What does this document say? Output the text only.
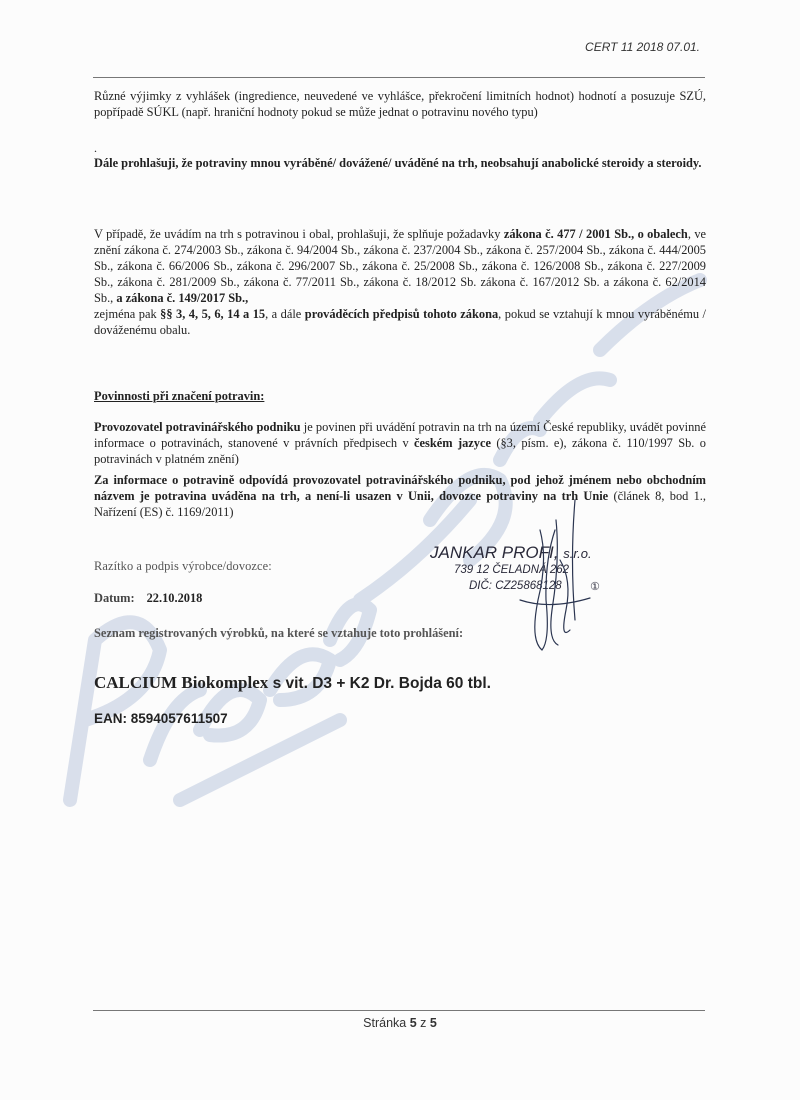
CERT 11 2018 07.01.
Různé výjimky z vyhlášek (ingredience, neuvedené ve vyhlášce, překročení limitních hodnot) hodnotí a posuzuje SZÚ, popřípadě SÚKL (např. hraniční hodnoty pokud se může jednat o potravinu nového typu)
.
Dále prohlašuji, že potraviny mnou vyráběné/ dovážené/ uváděné na trh, neobsahují anabolické steroidy a steroidy.
V případě, že uvádím na trh s potravinou i obal, prohlašuji, že splňuje požadavky zákona č. 477 / 2001 Sb., o obalech, ve znění zákona č. 274/2003 Sb., zákona č. 94/2004 Sb., zákona č. 237/2004 Sb., zákona č. 257/2004 Sb., zákona č. 444/2005 Sb., zákona č. 66/2006 Sb., zákona č. 296/2007 Sb., zákona č. 25/2008 Sb., zákona č. 126/2008 Sb., zákona č. 227/2009 Sb., zákona č. 281/2009 Sb., zákona č. 77/2011 Sb., zákona č. 18/2012 Sb. zákona č. 167/2012 Sb. a zákona č. 62/2014 Sb., a zákona č. 149/2017 Sb.,
zejména pak §§ 3, 4, 5, 6, 14 a 15, a dále prováděcích předpisů tohoto zákona, pokud se vztahují k mnou vyráběnému / dováženému obalu.
Povinnosti při značení potravin:
Provozovatel potravinářského podniku je povinen při uvádění potravin na trh na území České republiky, uvádět povinné informace o potravinách, stanovené v právních předpisech v českém jazyce (§3, písm. e), zákona č. 110/1997 Sb. o potravinách v platném znění)
Za informace o potravině odpovídá provozovatel potravinářského podniku, pod jehož jménem nebo obchodním názvem je potravina uváděna na trh, a není-li usazen v Unii, dovozce potraviny na trh Unie (článek 8, bod 1., Nařízení (ES) č. 1169/2011)
Razítko a podpis výrobce/dovozce:
Datum: 22.10.2018
Seznam registrovaných výrobků, na které se vztahuje toto prohlášení:
JANKAR PROFI, s.r.o.
739 12 ČELADNÁ 262
DIČ: CZ25868128	①
CALCIUM Biokomplex s vit. D3 + K2 Dr. Bojda 60 tbl.
EAN: 8594057611507
Stránka 5 z 5
